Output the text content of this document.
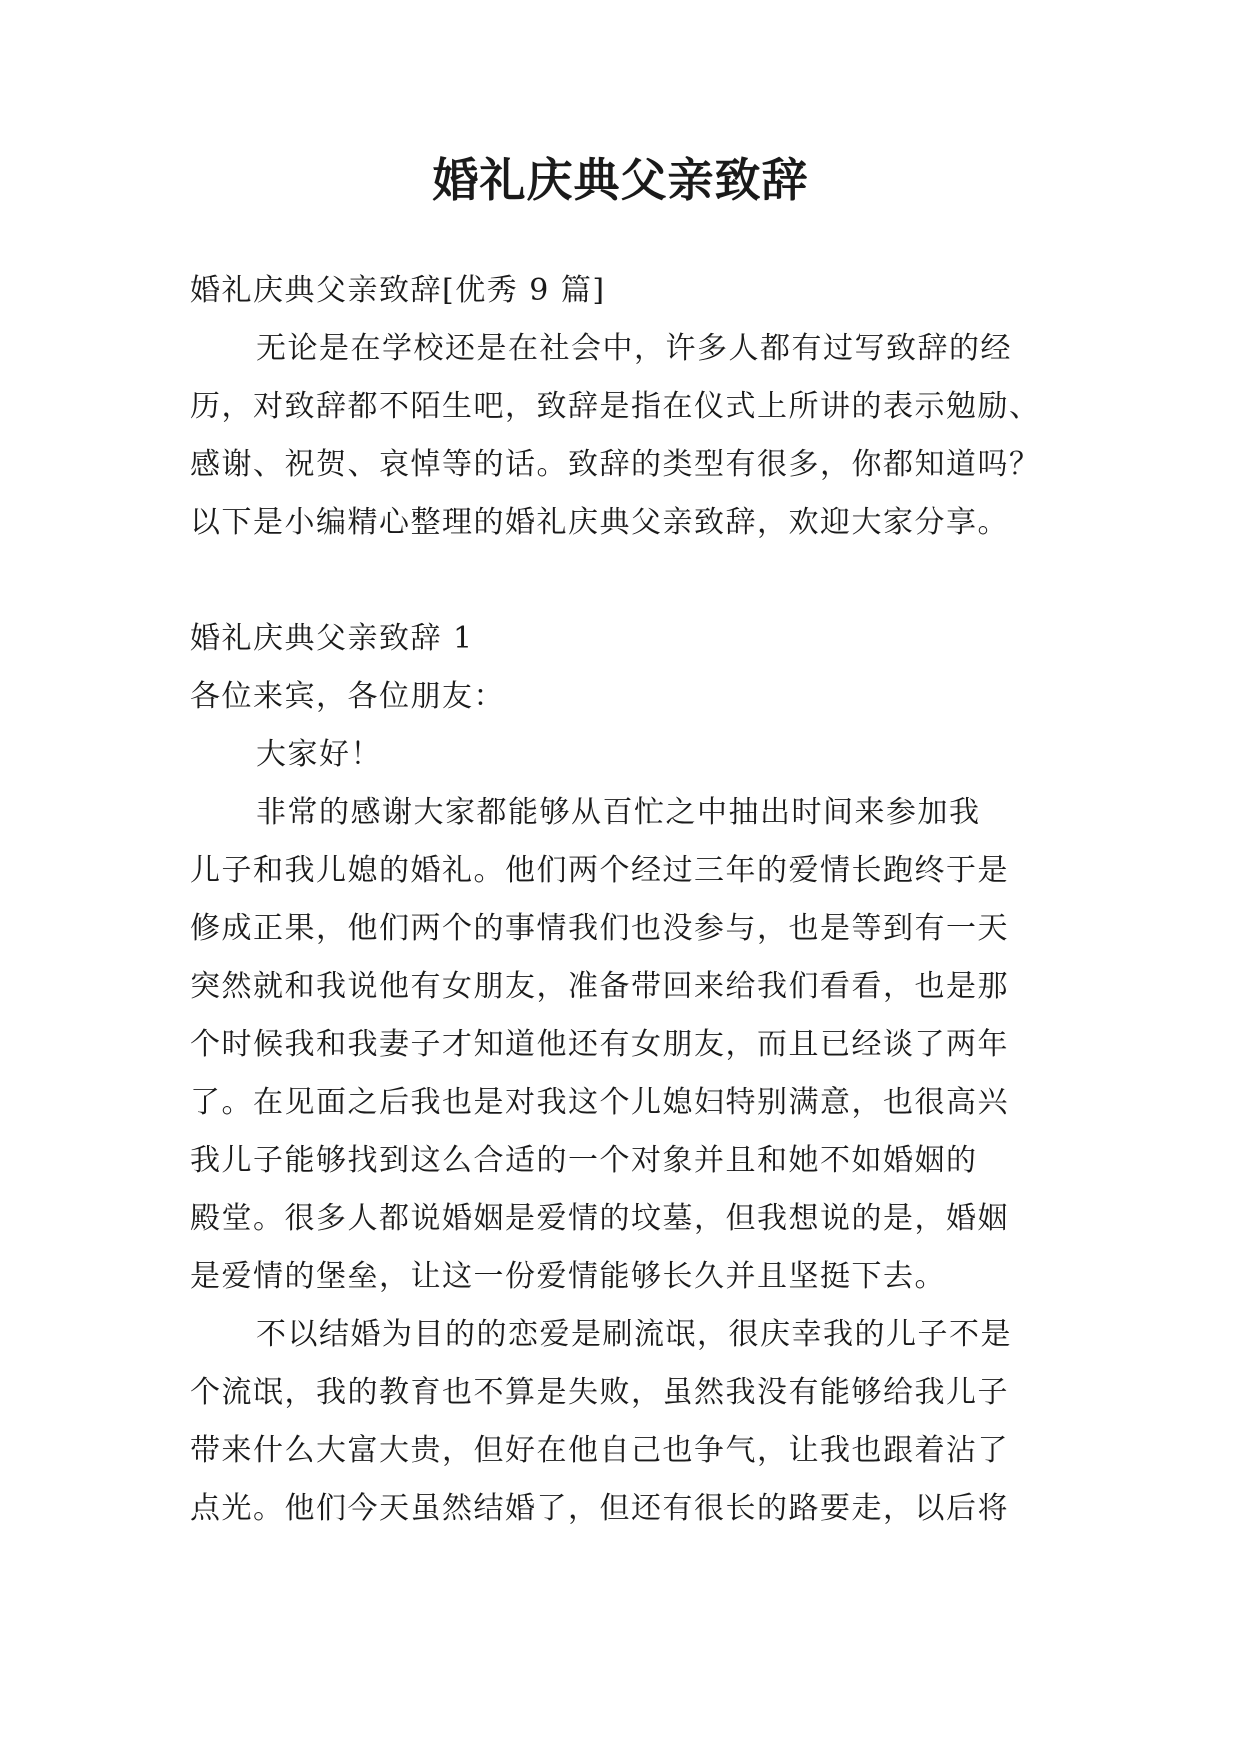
婚礼庆典父亲致辞

婚礼庆典父亲致辞[优秀 9 篇]

无论是在学校还是在社会中，许多人都有过写致辞的经

历，对致辞都不陌生吧，致辞是指在仪式上所讲的表示勉励、

感谢、祝贺、哀悼等的话。致辞的类型有很多，你都知道吗？

以下是小编精心整理的婚礼庆典父亲致辞，欢迎大家分享。

婚礼庆典父亲致辞 1

各位来宾，各位朋友：

大家好！

非常的感谢大家都能够从百忙之中抽出时间来参加我

儿子和我儿媳的婚礼。他们两个经过三年的爱情长跑终于是

修成正果，他们两个的事情我们也没参与，也是等到有一天

突然就和我说他有女朋友，准备带回来给我们看看，也是那

个时候我和我妻子才知道他还有女朋友，而且已经谈了两年

了。在见面之后我也是对我这个儿媳妇特别满意，也很高兴

我儿子能够找到这么合适的一个对象并且和她不如婚姻的

殿堂。很多人都说婚姻是爱情的坟墓，但我想说的是，婚姻

是爱情的堡垒，让这一份爱情能够长久并且坚挺下去。

不以结婚为目的的恋爱是刷流氓，很庆幸我的儿子不是

个流氓，我的教育也不算是失败，虽然我没有能够给我儿子

带来什么大富大贵，但好在他自己也争气，让我也跟着沾了

点光。他们今天虽然结婚了，但还有很长的路要走，以后将
